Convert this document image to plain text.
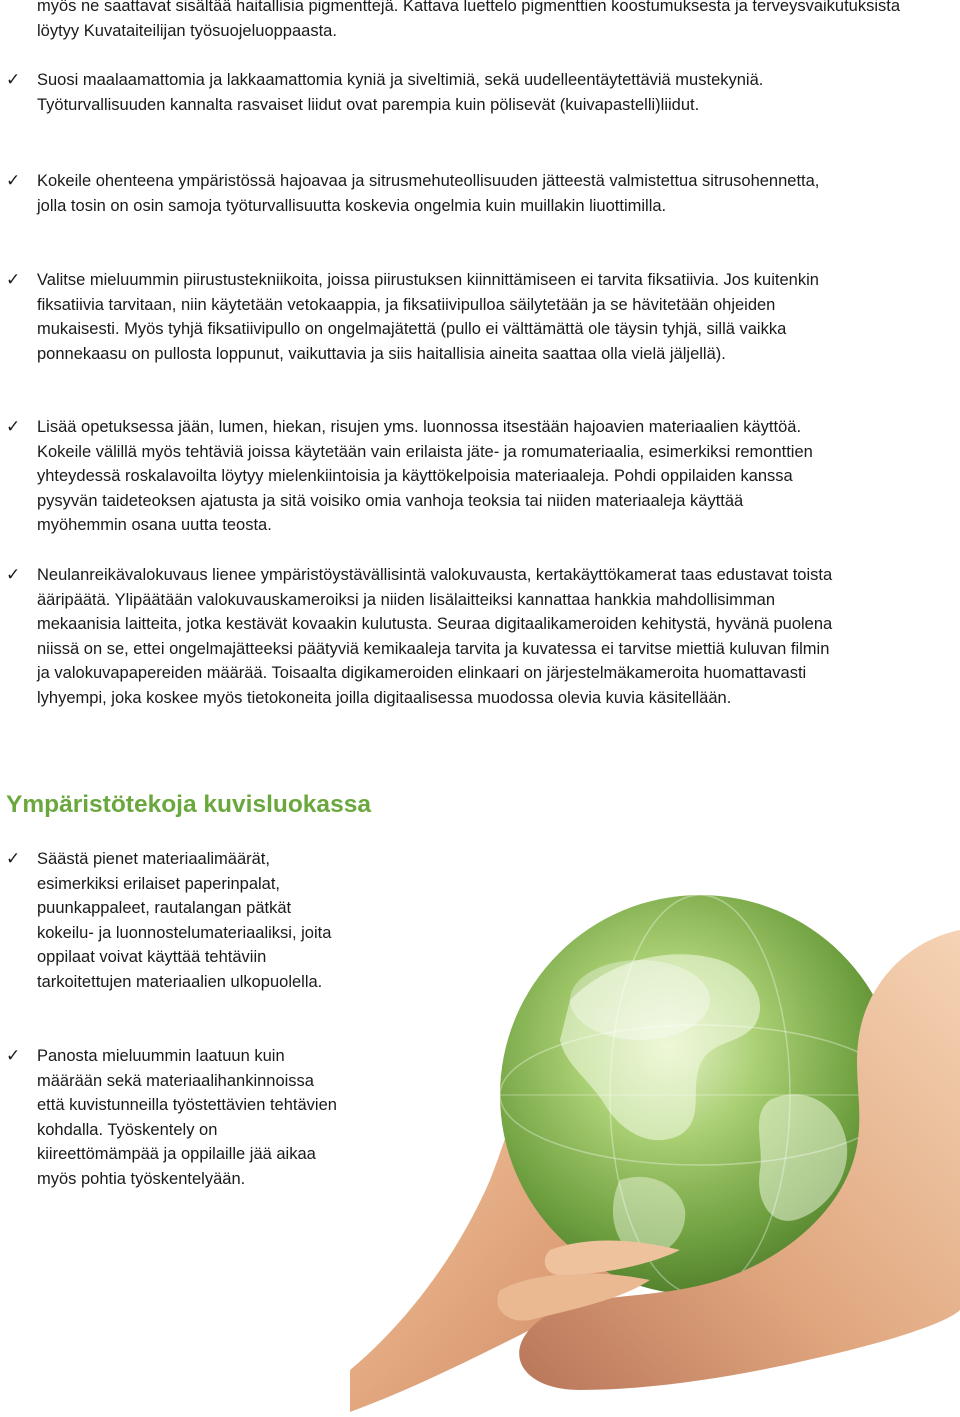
myös ne saattavat sisältää haitallisia pigmenttejä. Kattava luettelo pigmenttien koostumuksesta ja terveysvaikutuksista löytyy Kuvataiteilijan työsuojeluoppaasta.

✓ Suosi maalaamattomia ja lakkaamattomia kyniä ja siveltimiä, sekä uudelleentäytettäviä mustekyniä. Työturvallisuuden kannalta rasvaiset liidut ovat parempia kuin pölisevät (kuivapastelli)liidut.

✓ Kokeile ohenteena ympäristössä hajoavaa ja sitrusmehuteollisuuden jätteestä valmistettua sitrusohennetta, jolla tosin on osin samoja työturvallisuutta koskevia ongelmia kuin muillakin liuottimilla.

✓ Valitse mieluummin piirustustekniikoita, joissa piirustuksen kiinnittämiseen ei tarvita fiksatiivia. Jos kuitenkin fiksatiivia tarvitaan, niin käytetään vetokaappia, ja fiksatiivipulloa säilytetään ja se hävitetään ohjeiden mukaisesti. Myös tyhjä fiksatiivipullo on ongelmajätettä (pullo ei välttämättä ole täysin tyhjä, sillä vaikka ponnekaasu on pullosta loppunut, vaikuttavia ja siis haitallisia aineita saattaa olla vielä jäljellä).

✓ Lisää opetuksessa jään, lumen, hiekan, risujen yms. luonnossa itsestään hajoavien materiaalien käyttöä. Kokeile välillä myös tehtäviä joissa käytetään vain erilaista jäte- ja romumateriaalia, esimerkiksi remonttien yhteydessä roskalavoilta löytyy mielenkiintoisia ja käyttökelpoisia materiaaleja. Pohdi oppilaiden kanssa pysyvän taideteoksen ajatusta ja sitä voisiko omia vanhoja teoksia tai niiden materiaaleja käyttää myöhemmin osana uutta teosta.

✓ Neulanreikävalokuvaus lienee ympäristöystävällisintä valokuvausta, kertakäyttökamerat taas edustavat toista ääripäätä. Ylipäätään valokuvauskameroiksi ja niiden lisälaitteiksi kannattaa hankkia mahdollisimman mekaanisia laitteita, jotka kestävät kovaakin kulutusta. Seuraa digitaalikameroiden kehitystä, hyvänä puolena niissä on se, ettei ongelmajätteeksi päätyviä kemikaaleja tarvita ja kuvatessa ei tarvitse miettiä kuluvan filmin ja valokuvapapereiden määrää. Toisaalta digikameroiden elinkaari on järjestelmäkameroita huomattavasti lyhyempi, joka koskee myös tietokoneita joilla digitaalisessa muodossa olevia kuvia käsitellään.

Ympäristötekoja kuvisluokassa

✓ Säästä pienet materiaalimäärät, esimerkiksi erilaiset paperinpalat, puunkappaleet, rautalangan pätkät kokeilu- ja luonnostelumateriaaliksi, joita oppilaat voivat käyttää tehtäviin tarkoitettujen materiaalien ulkopuolella.

✓ Panosta mieluummin laatuun kuin määrään sekä materiaalihankinnoissa että kuvistunneilla työstettävien tehtävien kohdalla. Työskentely on kiireettömämpää ja oppilaille jää aikaa myös pohtia työskentelyään.
